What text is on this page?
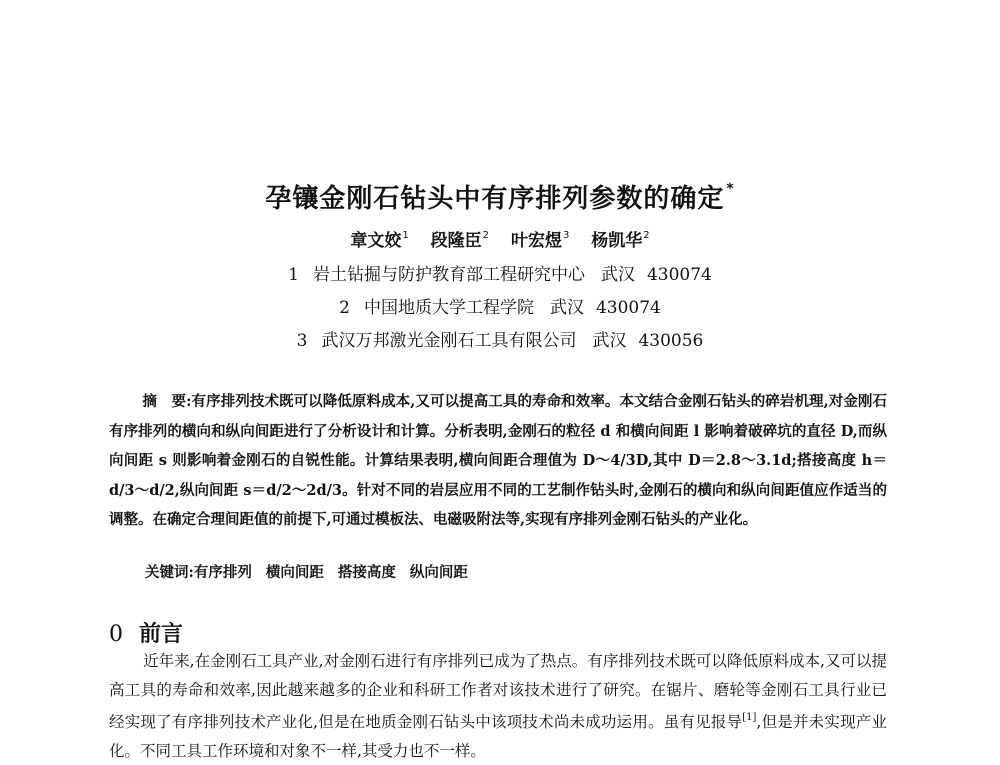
孕镶金刚石钻头中有序排列参数的确定 *
章文姣$^1$ 段隆臣$^2$ 叶宏煜$^3$ 杨凯华$^2$
1 岩土钻掘与防护教育部工程研究中心 武汉 430074
2 中国地质大学工程学院 武汉 430074
3 武汉万邦激光金刚石工具有限公司 武汉 430056
摘　要:有序排列技术既可以降低原料成本,又可以提高工具的寿命和效率。本文结合金刚石钻头的碎岩机理,对金刚石有序排列的横向和纵向间距进行了分析设计和计算。分析表明,金刚石的粒径 d 和横向间距 l 影响着破碎坑的直径 D,而纵向间距 s 则影响着金刚石的自锐性能。计算结果表明,横向间距合理值为 D～4/3D,其中 D＝2.8～3.1d;搭接高度 h＝d/3～d/2,纵向间距 s＝d/2～2d/3。针对不同的岩层应用不同的工艺制作钻头时,金刚石的横向和纵向间距值应作适当的调整。在确定合理间距值的前提下,可通过模板法、电磁吸附法等,实现有序排列金刚石钻头的产业化。
关键词:有序排列 横向间距 搭接高度 纵向间距
0 前言
近年来,在金刚石工具产业,对金刚石进行有序排列已成为了热点。有序排列技术既可以降低原料成本,又可以提高工具的寿命和效率,因此越来越多的企业和科研工作者对该技术进行了研究。在锯片、磨轮等金刚石工具行业已经实现了有序排列技术产业化,但是在地质金刚石钻头中该项技术尚未成功运用。虽有见报导[1],但是并未实现产业化。不同工具工作环境和对象不一样,其受力也不一样。
